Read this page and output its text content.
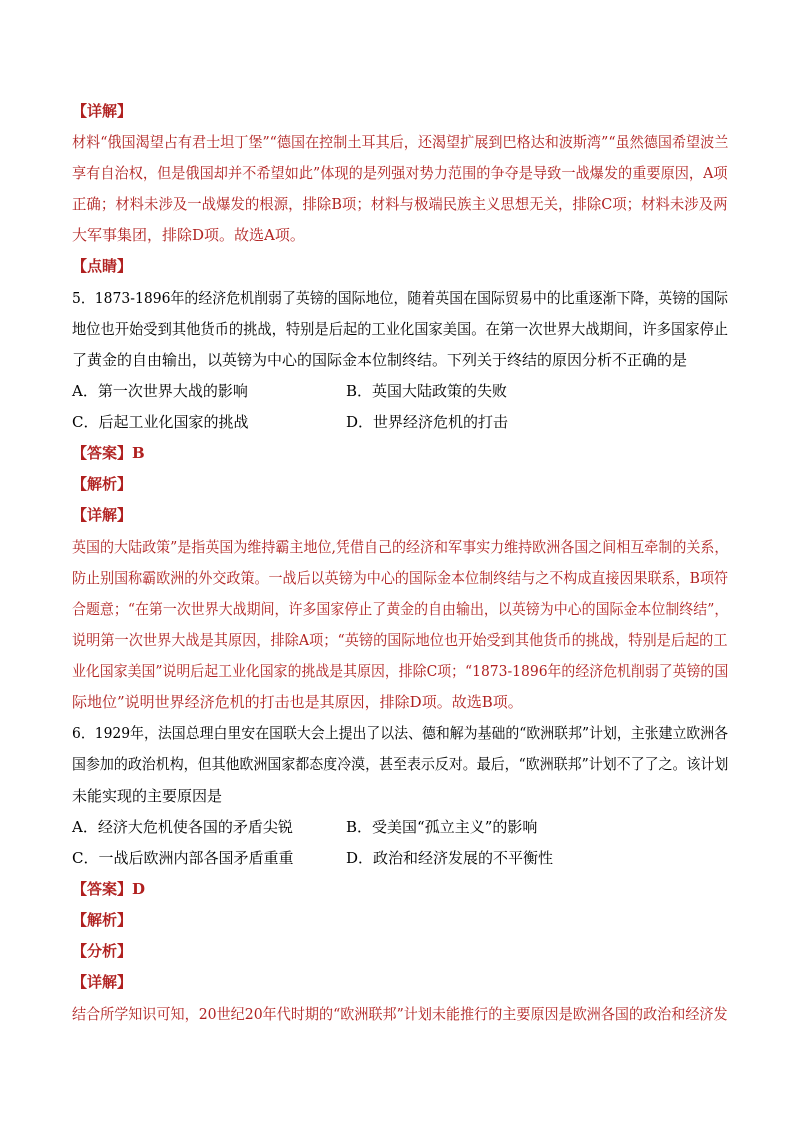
【详解】
材料“俄国渴望占有君士坦丁堡”“德国在控制土耳其后，还渴望扩展到巴格达和波斯湾”“虽然德国希望波兰
享有自治权，但是俄国却并不希望如此”体现的是列强对势力范围的争夺是导致一战爆发的重要原因，A项
正确；材料未涉及一战爆发的根源，排除B项；材料与极端民族主义思想无关，排除C项；材料未涉及两
大军事集团，排除D项。故选A项。
【点睛】
5．1873-1896年的经济危机削弱了英镑的国际地位，随着英国在国际贸易中的比重逐渐下降，英镑的国际
地位也开始受到其他货币的挑战，特别是后起的工业化国家美国。在第一次世界大战期间，许多国家停止
了黄金的自由输出，以英镑为中心的国际金本位制终结。下列关于终结的原因分析不正确的是
A．第一次世界大战的影响	B．英国大陆政策的失败
C．后起工业化国家的挑战	D．世界经济危机的打击
【答案】B
【解析】
【详解】
英国的大陆政策”是指英国为维持霸主地位,凭借自己的经济和军事实力维持欧洲各国之间相互牵制的关系，
防止别国称霸欧洲的外交政策。一战后以英镑为中心的国际金本位制终结与之不构成直接因果联系，B项符
合题意；“在第一次世界大战期间，许多国家停止了黄金的自由输出，以英镑为中心的国际金本位制终结”，
说明第一次世界大战是其原因，排除A项；“英镑的国际地位也开始受到其他货币的挑战，特别是后起的工
业化国家美国”说明后起工业化国家的挑战是其原因，排除C项；“1873-1896年的经济危机削弱了英镑的国
际地位”说明世界经济危机的打击也是其原因，排除D项。故选B项。
6．1929年，法国总理白里安在国联大会上提出了以法、德和解为基础的“欧洲联邦”计划，主张建立欧洲各
国参加的政治机构，但其他欧洲国家都态度冷漠，甚至表示反对。最后，“欧洲联邦”计划不了了之。该计划
未能实现的主要原因是
A．经济大危机使各国的矛盾尖锐	B．受美国“孤立主义”的影响
C．一战后欧洲内部各国矛盾重重	D．政治和经济发展的不平衡性
【答案】D
【解析】
【分析】
【详解】
结合所学知识可知，20世纪20年代时期的“欧洲联邦”计划未能推行的主要原因是欧洲各国的政治和经济发
